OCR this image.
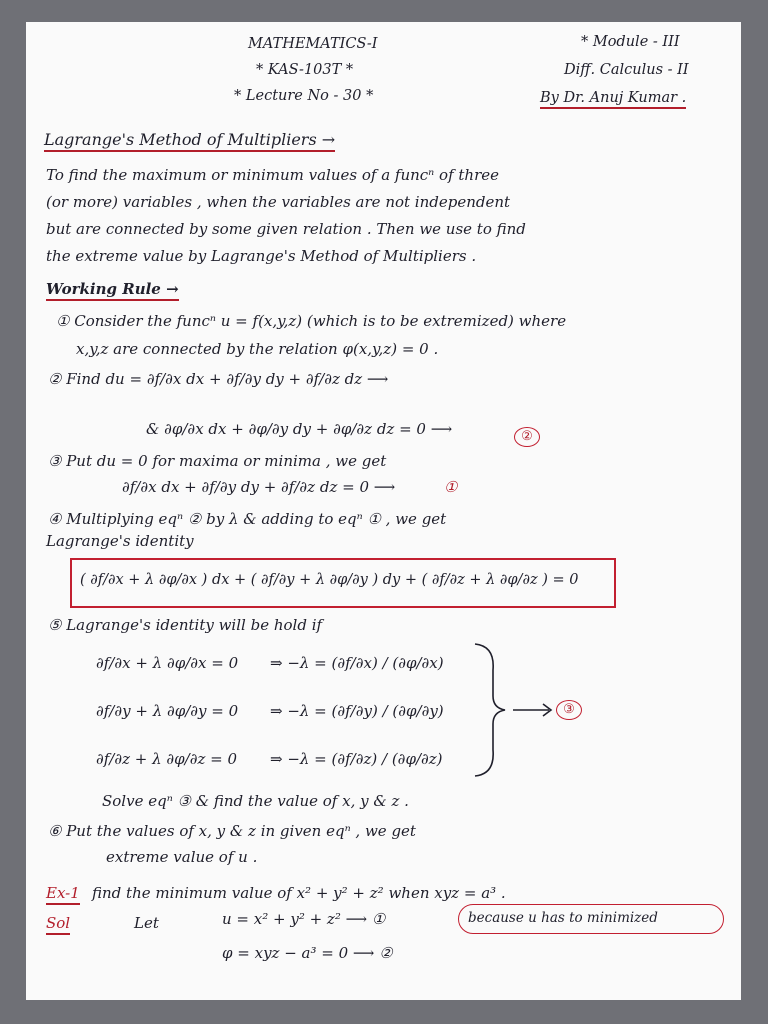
MATHEMATICS-I
* KAS-103T *
* Lecture No - 30 *
* Module - III
Diff. Calculus - II
By Dr. Anuj Kumar .
Lagrange's Method of Multipliers →
To find the maximum or minimum values of a funcⁿ of three
(or more) variables , when the variables are not independent
but are connected by some given relation . Then we use to find
the extreme value by Lagrange's Method of Multipliers .
Working Rule →
① Consider the funcⁿ u = f(x,y,z) (which is to be extremized) where
x,y,z are connected by the relation φ(x,y,z) = 0 .
② Find du = ∂f/∂x dx + ∂f/∂y dy + ∂f/∂z dz ⟶
& ∂φ/∂x dx + ∂φ/∂y dy + ∂φ/∂z dz = 0 ⟶	②
③ Put du = 0 for maxima or minima , we get
∂f/∂x dx + ∂f/∂y dy + ∂f/∂z dz = 0 ⟶	①
④ Multiplying eqⁿ ② by λ & adding to eqⁿ ① , we get
Lagrange's identity
( ∂f/∂x + λ ∂φ/∂x ) dx + ( ∂f/∂y + λ ∂φ/∂y ) dy + ( ∂f/∂z + λ ∂φ/∂z ) = 0
⑤ Lagrange's identity will be hold if
∂f/∂x + λ ∂φ/∂x = 0 ⇒ −λ = (∂f/∂x) / (∂φ/∂x)
∂f/∂y + λ ∂φ/∂y = 0 ⇒ −λ = (∂f/∂y) / (∂φ/∂y)
∂f/∂z + λ ∂φ/∂z = 0 ⇒ −λ = (∂f/∂z) / (∂φ/∂z)
③
Solve eqⁿ ③ & find the value of x, y & z .
⑥ Put the values of x, y & z in given eqⁿ , we get
extreme value of u .
Ex-1 find the minimum value of x² + y² + z² when xyz = a³ .
Sol	Let	u = x² + y² + z² ⟶ ①	because u has to minimized
φ = xyz − a³ = 0 ⟶ ②
